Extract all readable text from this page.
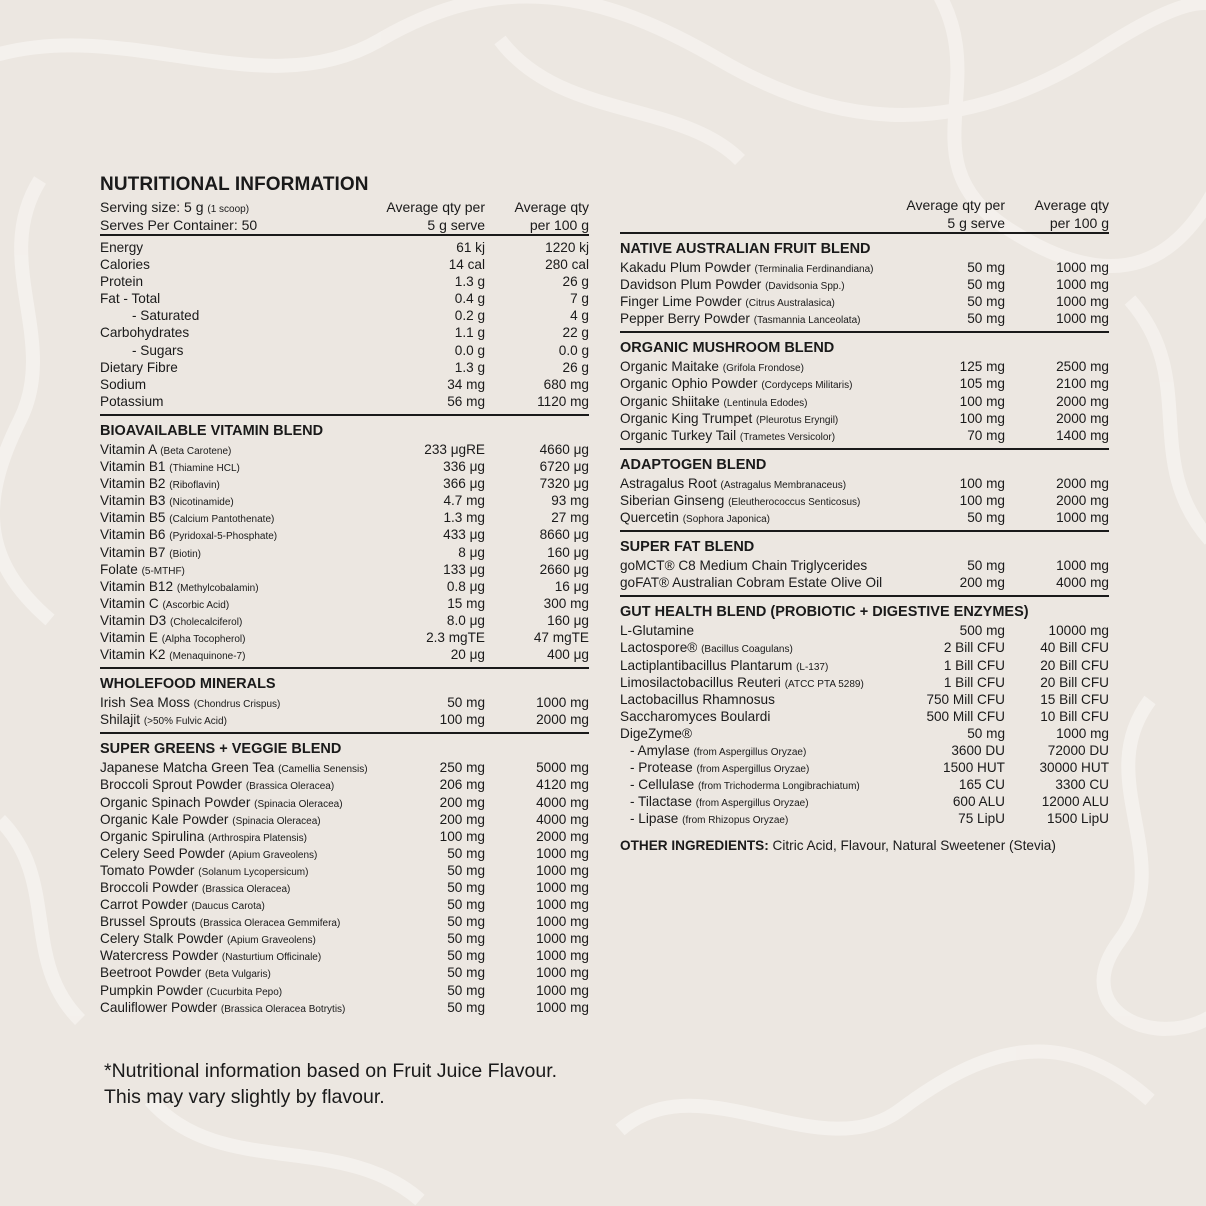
NUTRITIONAL INFORMATION
Serving size: 5 g (1 scoop)
Serves Per Container: 50
Average qty per
5 g serve
Average qty
per 100 g
Energy	61 kj	1220 kj
Calories	14 cal	280 cal
Protein	1.3 g	26 g
Fat - Total	0.4 g	7 g
- Saturated	0.2 g	4 g
Carbohydrates	1.1 g	22 g
- Sugars	0.0 g	0.0 g
Dietary Fibre	1.3 g	26 g
Sodium	34 mg	680 mg
Potassium	56 mg	1120 mg
BIOAVAILABLE VITAMIN BLEND
Vitamin A (Beta Carotene)	233 μgRE	4660 μg
Vitamin B1 (Thiamine HCL)	336 μg	6720 μg
Vitamin B2 (Riboflavin)	366 μg	7320 μg
Vitamin B3 (Nicotinamide)	4.7 mg	93 mg
Vitamin B5 (Calcium Pantothenate)	1.3 mg	27 mg
Vitamin B6 (Pyridoxal-5-Phosphate)	433 μg	8660 μg
Vitamin B7 (Biotin)	8 μg	160 μg
Folate (5-MTHF)	133 μg	2660 μg
Vitamin B12 (Methylcobalamin)	0.8 μg	16 μg
Vitamin C (Ascorbic Acid)	15 mg	300 mg
Vitamin D3 (Cholecalciferol)	8.0 μg	160 μg
Vitamin E (Alpha Tocopherol)	2.3 mgTE	47 mgTE
Vitamin K2 (Menaquinone-7)	20 μg	400 μg
WHOLEFOOD MINERALS
Irish Sea Moss (Chondrus Crispus)	50 mg	1000 mg
Shilajit (>50% Fulvic Acid)	100 mg	2000 mg
SUPER GREENS + VEGGIE BLEND
Japanese Matcha Green Tea (Camellia Senensis)	250 mg	5000 mg
Broccoli Sprout Powder (Brassica Oleracea)	206 mg	4120 mg
Organic Spinach Powder (Spinacia Oleracea)	200 mg	4000 mg
Organic Kale Powder (Spinacia Oleracea)	200 mg	4000 mg
Organic Spirulina (Arthrospira Platensis)	100 mg	2000 mg
Celery Seed Powder (Apium Graveolens)	50 mg	1000 mg
Tomato Powder (Solanum Lycopersicum)	50 mg	1000 mg
Broccoli Powder (Brassica Oleracea)	50 mg	1000 mg
Carrot Powder (Daucus Carota)	50 mg	1000 mg
Brussel Sprouts (Brassica Oleracea Gemmifera)	50 mg	1000 mg
Celery Stalk Powder (Apium Graveolens)	50 mg	1000 mg
Watercress Powder (Nasturtium Officinale)	50 mg	1000 mg
Beetroot Powder (Beta Vulgaris)	50 mg	1000 mg
Pumpkin Powder (Cucurbita Pepo)	50 mg	1000 mg
Cauliflower Powder (Brassica Oleracea Botrytis)	50 mg	1000 mg
Average qty per
5 g serve
Average qty
per 100 g
NATIVE AUSTRALIAN FRUIT BLEND
Kakadu Plum Powder (Terminalia Ferdinandiana)	50 mg	1000 mg
Davidson Plum Powder (Davidsonia Spp.)	50 mg	1000 mg
Finger Lime Powder (Citrus Australasica)	50 mg	1000 mg
Pepper Berry Powder (Tasmannia Lanceolata)	50 mg	1000 mg
ORGANIC MUSHROOM BLEND
Organic Maitake (Grifola Frondose)	125 mg	2500 mg
Organic Ophio Powder (Cordyceps Militaris)	105 mg	2100 mg
Organic Shiitake (Lentinula Edodes)	100 mg	2000 mg
Organic King Trumpet (Pleurotus Eryngil)	100 mg	2000 mg
Organic Turkey Tail (Trametes Versicolor)	70 mg	1400 mg
ADAPTOGEN BLEND
Astragalus Root (Astragalus Membranaceus)	100 mg	2000 mg
Siberian Ginseng (Eleutherococcus Senticosus)	100 mg	2000 mg
Quercetin (Sophora Japonica)	50 mg	1000 mg
SUPER FAT BLEND
goMCT® C8 Medium Chain Triglycerides	50 mg	1000 mg
goFAT® Australian Cobram Estate Olive Oil	200 mg	4000 mg
GUT HEALTH BLEND (PROBIOTIC + DIGESTIVE ENZYMES)
L-Glutamine	500 mg	10000 mg
Lactospore® (Bacillus Coagulans)	2 Bill CFU	40 Bill CFU
Lactiplantibacillus Plantarum (L-137)	1 Bill CFU	20 Bill CFU
Limosilactobacillus Reuteri (ATCC PTA 5289)	1 Bill CFU	20 Bill CFU
Lactobacillus Rhamnosus	750 Mill CFU	15 Bill CFU
Saccharomyces Boulardi	500 Mill CFU	10 Bill CFU
DigeZyme®	50 mg	1000 mg
- Amylase (from Aspergillus Oryzae)	3600 DU	72000 DU
- Protease (from Aspergillus Oryzae)	1500 HUT	30000 HUT
- Cellulase (from Trichoderma Longibrachiatum)	165 CU	3300 CU
- Tilactase (from Aspergillus Oryzae)	600 ALU	12000 ALU
- Lipase (from Rhizopus Oryzae)	75 LipU	1500 LipU
OTHER INGREDIENTS: Citric Acid, Flavour, Natural Sweetener (Stevia)
*Nutritional information based on Fruit Juice Flavour.
This may vary slightly by flavour.
